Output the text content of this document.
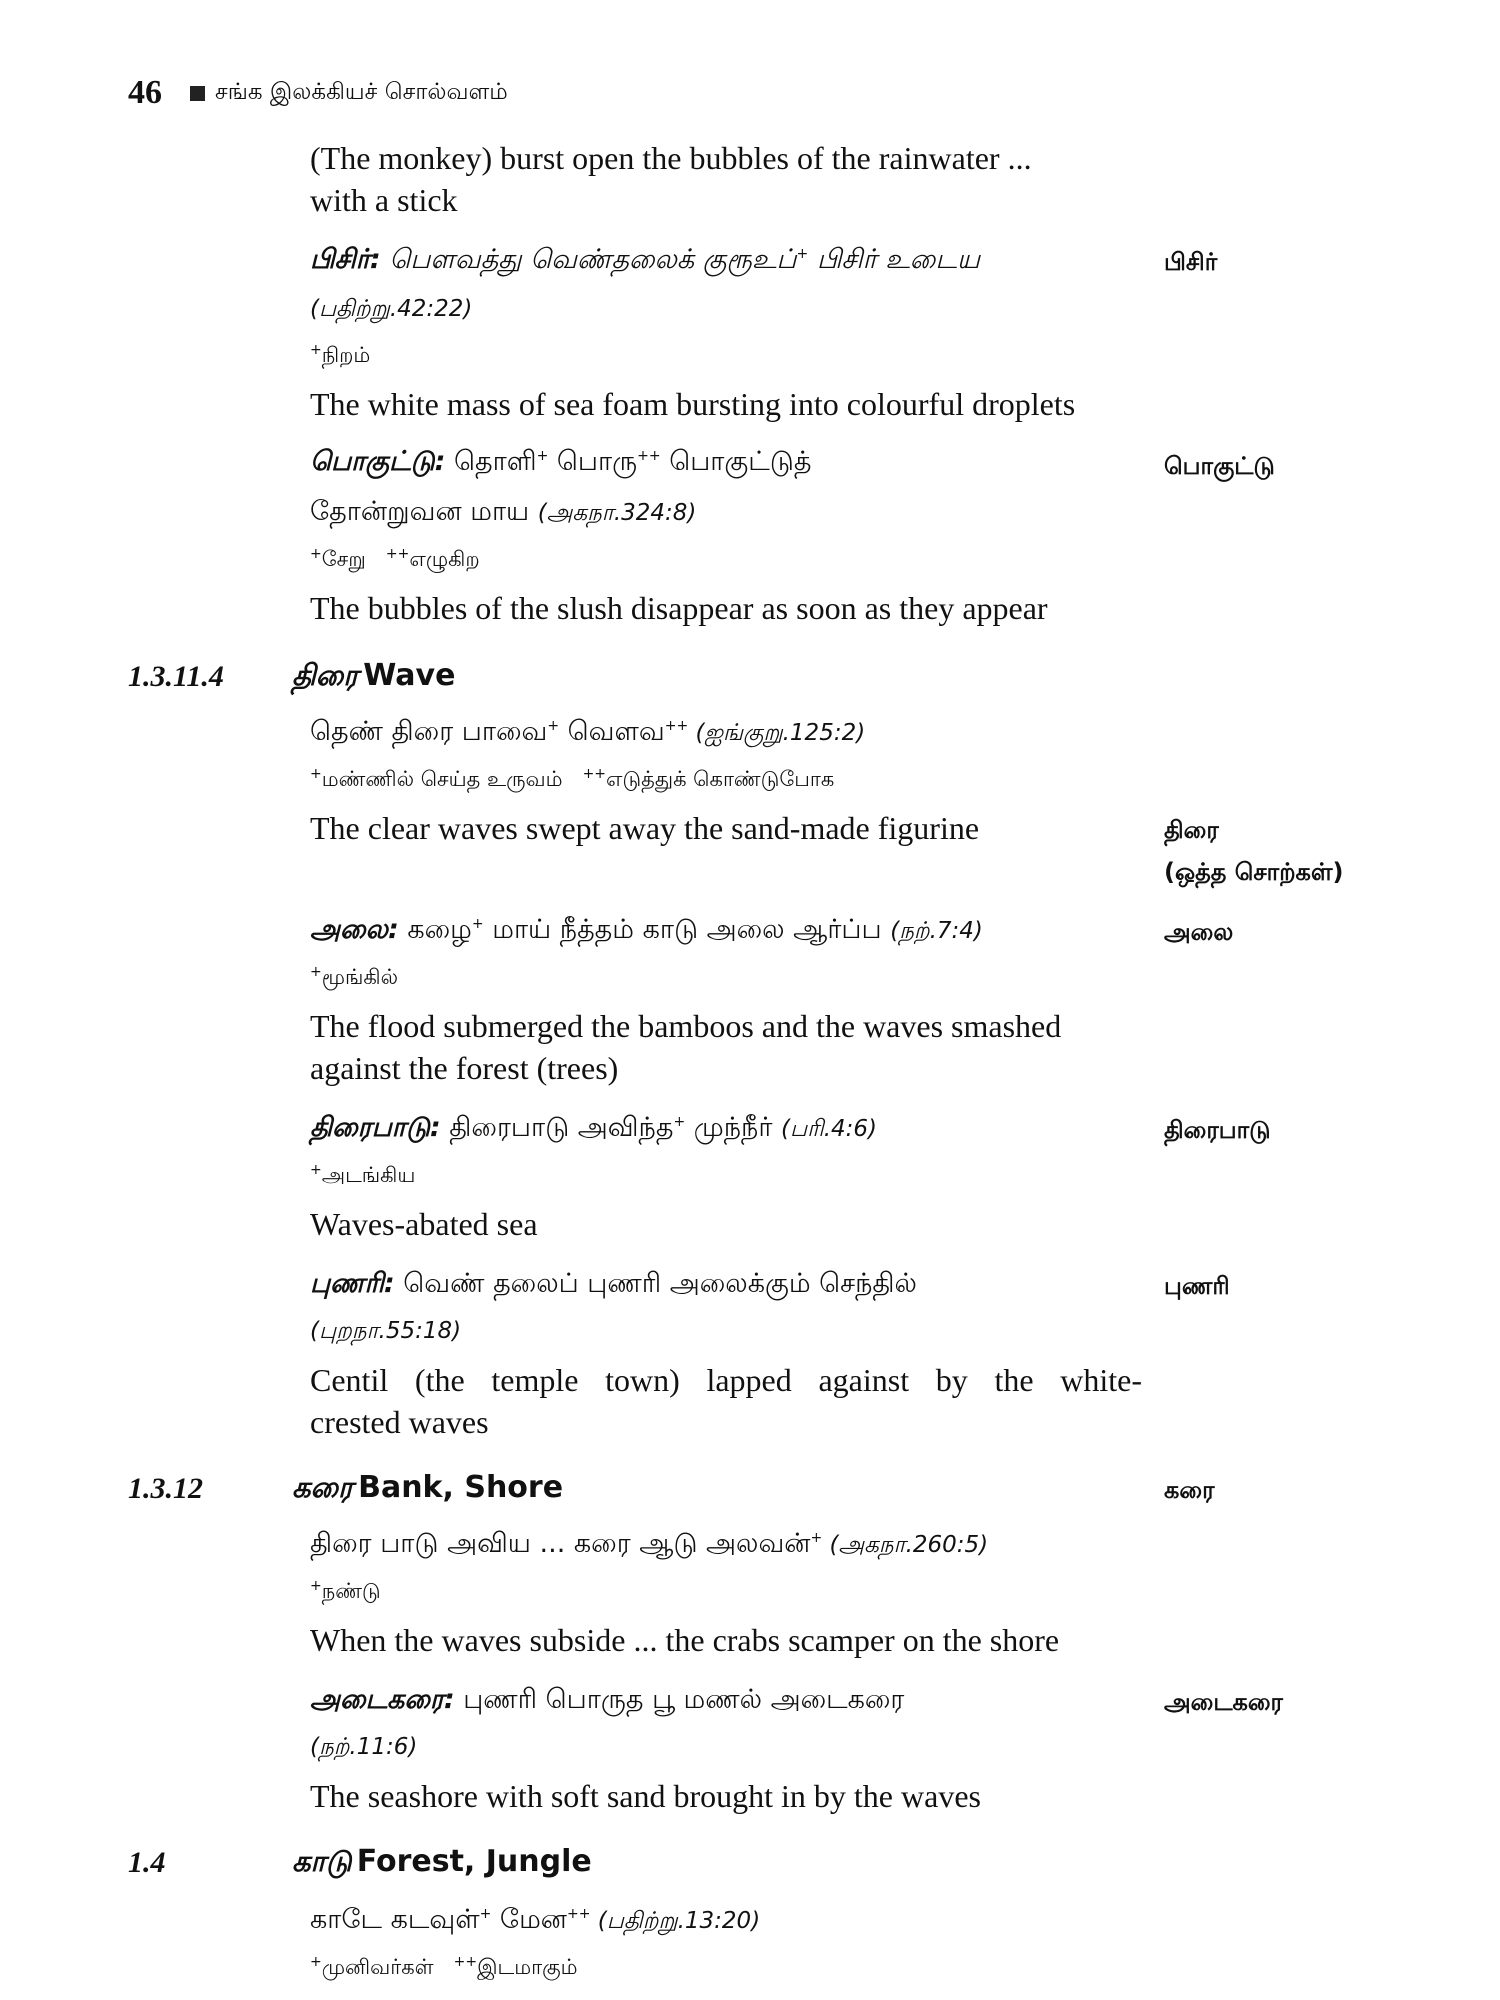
46 சங்க இலக்கியச் சொல்வளம்
(The monkey) burst open the bubbles of the rainwater ...
with a stick
பிசிர்: பௌவத்து வெண்தலைக் குரூஉப்+ பிசிர் உடைய	பிசிர்
(பதிற்று.42:22)
+நிறம்
The white mass of sea foam bursting into colourful droplets
பொகுட்டு: தொளி+ பொரு++ பொகுட்டுத்	பொகுட்டு
தோன்றுவன மாய (அகநா.324:8)
+சேறு ++எழுகிற
The bubbles of the slush disappear as soon as they appear
1.3.11.4 திரை Wave
தெண் திரை பாவை+ வௌவ++ (ஐங்குறு.125:2)
+மண்ணில் செய்த உருவம் ++எடுத்துக் கொண்டுபோக
The clear waves swept away the sand-made figurine	திரை
(ஒத்த சொற்கள்)
அலை: கழை+ மாய் நீத்தம் காடு அலை ஆர்ப்ப (நற்.7:4)	அலை
+மூங்கில்
The flood submerged the bamboos and the waves smashed
against the forest (trees)
திரைபாடு: திரைபாடு அவிந்த+ முந்நீர் (பரி.4:6)	திரைபாடு
+அடங்கிய
Waves-abated sea
புணரி: வெண் தலைப் புணரி அலைக்கும் செந்தில்	புணரி
(புறநா.55:18)
Centil (the temple town) lapped against by the white-
crested waves
1.3.12	கரை Bank, Shore	கரை
திரை பாடு அவிய ... கரை ஆடு அலவன்+ (அகநா.260:5)
+நண்டு
When the waves subside ... the crabs scamper on the shore
அடைகரை: புணரி பொருத பூ மணல் அடைகரை	அடைகரை
(நற்.11:6)
The seashore with soft sand brought in by the waves
1.4	காடு Forest, Jungle
காடே கடவுள்+ மேன++ (பதிற்று.13:20)
+முனிவர்கள் ++இடமாகும்
